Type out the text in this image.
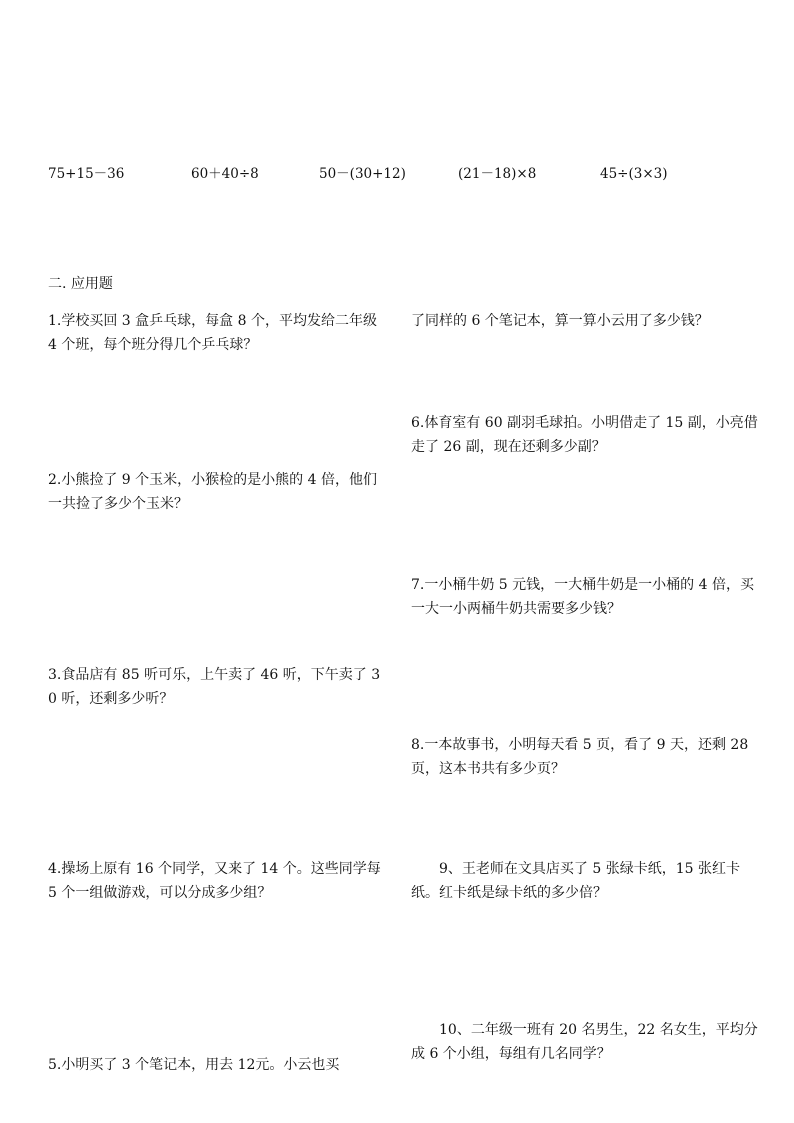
75+15－36	60＋40÷8	50－(30+12)	(21－18)×8	45÷(3×3)
二. 应用题
1.学校买回 3 盒乒乓球，每盒 8 个，平均发给二年级 4 个班，每个班分得几个乒乓球？
2.小熊捡了 9 个玉米，小猴检的是小熊的 4 倍，他们一共捡了多少个玉米？
3.食品店有 85 听可乐，上午卖了 46 听，下午卖了 30 听，还剩多少听？
4.操场上原有 16 个同学，又来了 14 个。这些同学每 5 个一组做游戏，可以分成多少组？
5.小明买了 3 个笔记本，用去 12元。小云也买
了同样的 6 个笔记本，算一算小云用了多少钱？
6.体育室有 60 副羽毛球拍。小明借走了 15 副，小亮借走了 26 副，现在还剩多少副？
7.一小桶牛奶 5 元钱，一大桶牛奶是一小桶的 4 倍，买一大一小两桶牛奶共需要多少钱？
8.一本故事书，小明每天看 5 页，看了 9 天，还剩 28 页，这本书共有多少页？
9、王老师在文具店买了 5 张绿卡纸，15 张红卡纸。红卡纸是绿卡纸的多少倍？
10、二年级一班有 20 名男生，22 名女生，平均分成 6 个小组，每组有几名同学？
